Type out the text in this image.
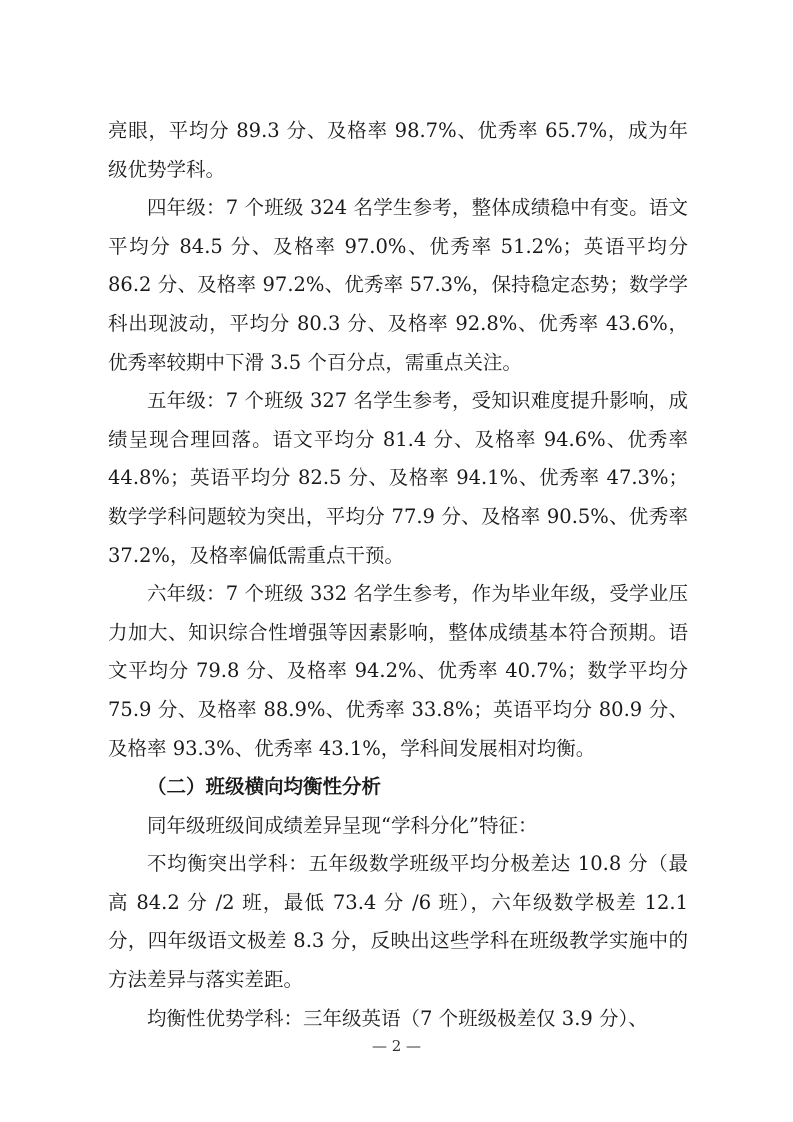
亮眼，平均分 89.3 分、及格率 98.7%、优秀率 65.7%，成为年级优势学科。

四年级：7 个班级 324 名学生参考，整体成绩稳中有变。语文平均分 84.5 分、及格率 97.0%、优秀率 51.2%；英语平均分 86.2 分、及格率 97.2%、优秀率 57.3%，保持稳定态势；数学学科出现波动，平均分 80.3 分、及格率 92.8%、优秀率 43.6%，优秀率较期中下滑 3.5 个百分点，需重点关注。

五年级：7 个班级 327 名学生参考，受知识难度提升影响，成绩呈现合理回落。语文平均分 81.4 分、及格率 94.6%、优秀率 44.8%；英语平均分 82.5 分、及格率 94.1%、优秀率 47.3%；数学学科问题较为突出，平均分 77.9 分、及格率 90.5%、优秀率 37.2%，及格率偏低需重点干预。

六年级：7 个班级 332 名学生参考，作为毕业年级，受学业压力加大、知识综合性增强等因素影响，整体成绩基本符合预期。语文平均分 79.8 分、及格率 94.2%、优秀率 40.7%；数学平均分 75.9 分、及格率 88.9%、优秀率 33.8%；英语平均分 80.9 分、及格率 93.3%、优秀率 43.1%，学科间发展相对均衡。

（二）班级横向均衡性分析

同年级班级间成绩差异呈现“学科分化”特征：

不均衡突出学科：五年级数学班级平均分极差达 10.8 分（最高 84.2 分 /2 班，最低 73.4 分 /6 班），六年级数学极差 12.1 分，四年级语文极差 8.3 分，反映出这些学科在班级教学实施中的方法差异与落实差距。

均衡性优势学科：三年级英语（7 个班级极差仅 3.9 分）、

— 2 —
